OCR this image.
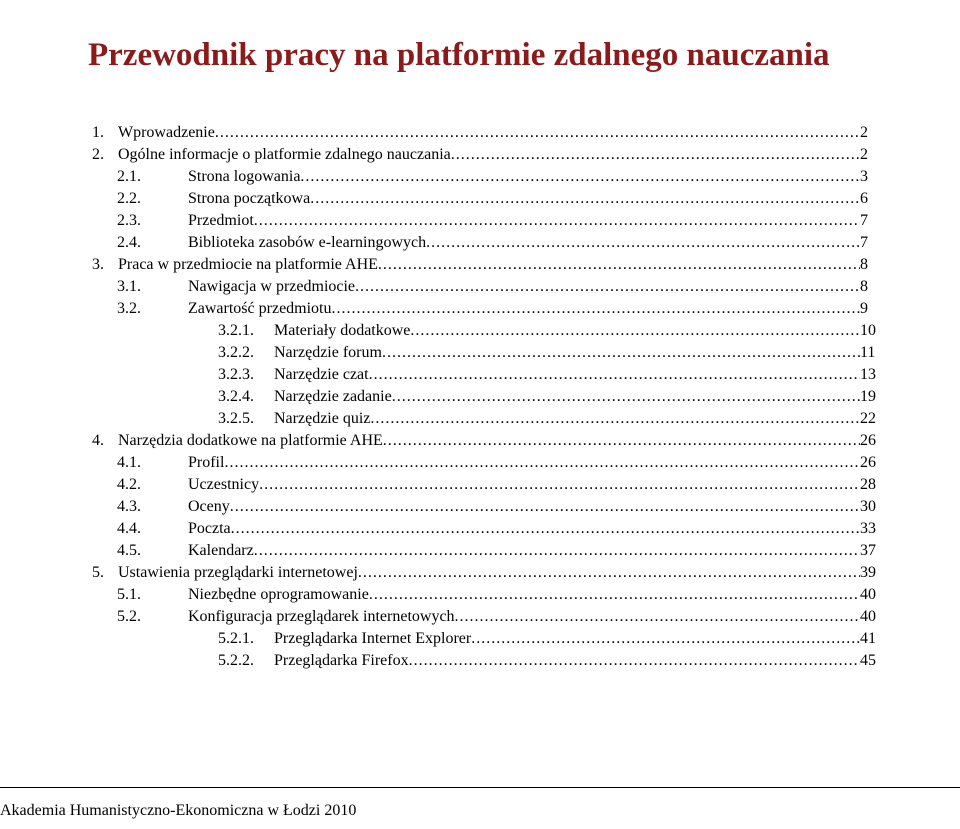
Przewodnik pracy na platformie zdalnego nauczania
1. Wprowadzenie .....	2
2. Ogólne informacje o platformie zdalnego nauczania .....	2
2.1.	Strona logowania .....	3
2.2.	Strona początkowa .....	6
2.3.	Przedmiot .....	7
2.4.	Biblioteka zasobów e-learningowych .....	7
3. Praca w przedmiocie na platformie AHE .....	8
3.1.	Nawigacja w przedmiocie .....	8
3.2.	Zawartość przedmiotu .....	9
3.2.1. Materiały dodatkowe .....	10
3.2.2. Narzędzie forum .....	11
3.2.3. Narzędzie czat .....	13
3.2.4. Narzędzie zadanie .....	19
3.2.5. Narzędzie quiz .....	22
4. Narzędzia dodatkowe na platformie AHE .....	26
4.1.	Profil .....	26
4.2.	Uczestnicy .....	28
4.3.	Oceny .....	30
4.4.	Poczta .....	33
4.5.	Kalendarz .....	37
5. Ustawienia przeglądarki internetowej .....	39
5.1.	Niezbędne oprogramowanie .....	40
5.2.	Konfiguracja przeglądarek internetowych .....	40
5.2.1. Przeglądarka Internet Explorer .....	41
5.2.2. Przeglądarka Firefox .....	45
Akademia Humanistyczno-Ekonomiczna w Łodzi 2010
